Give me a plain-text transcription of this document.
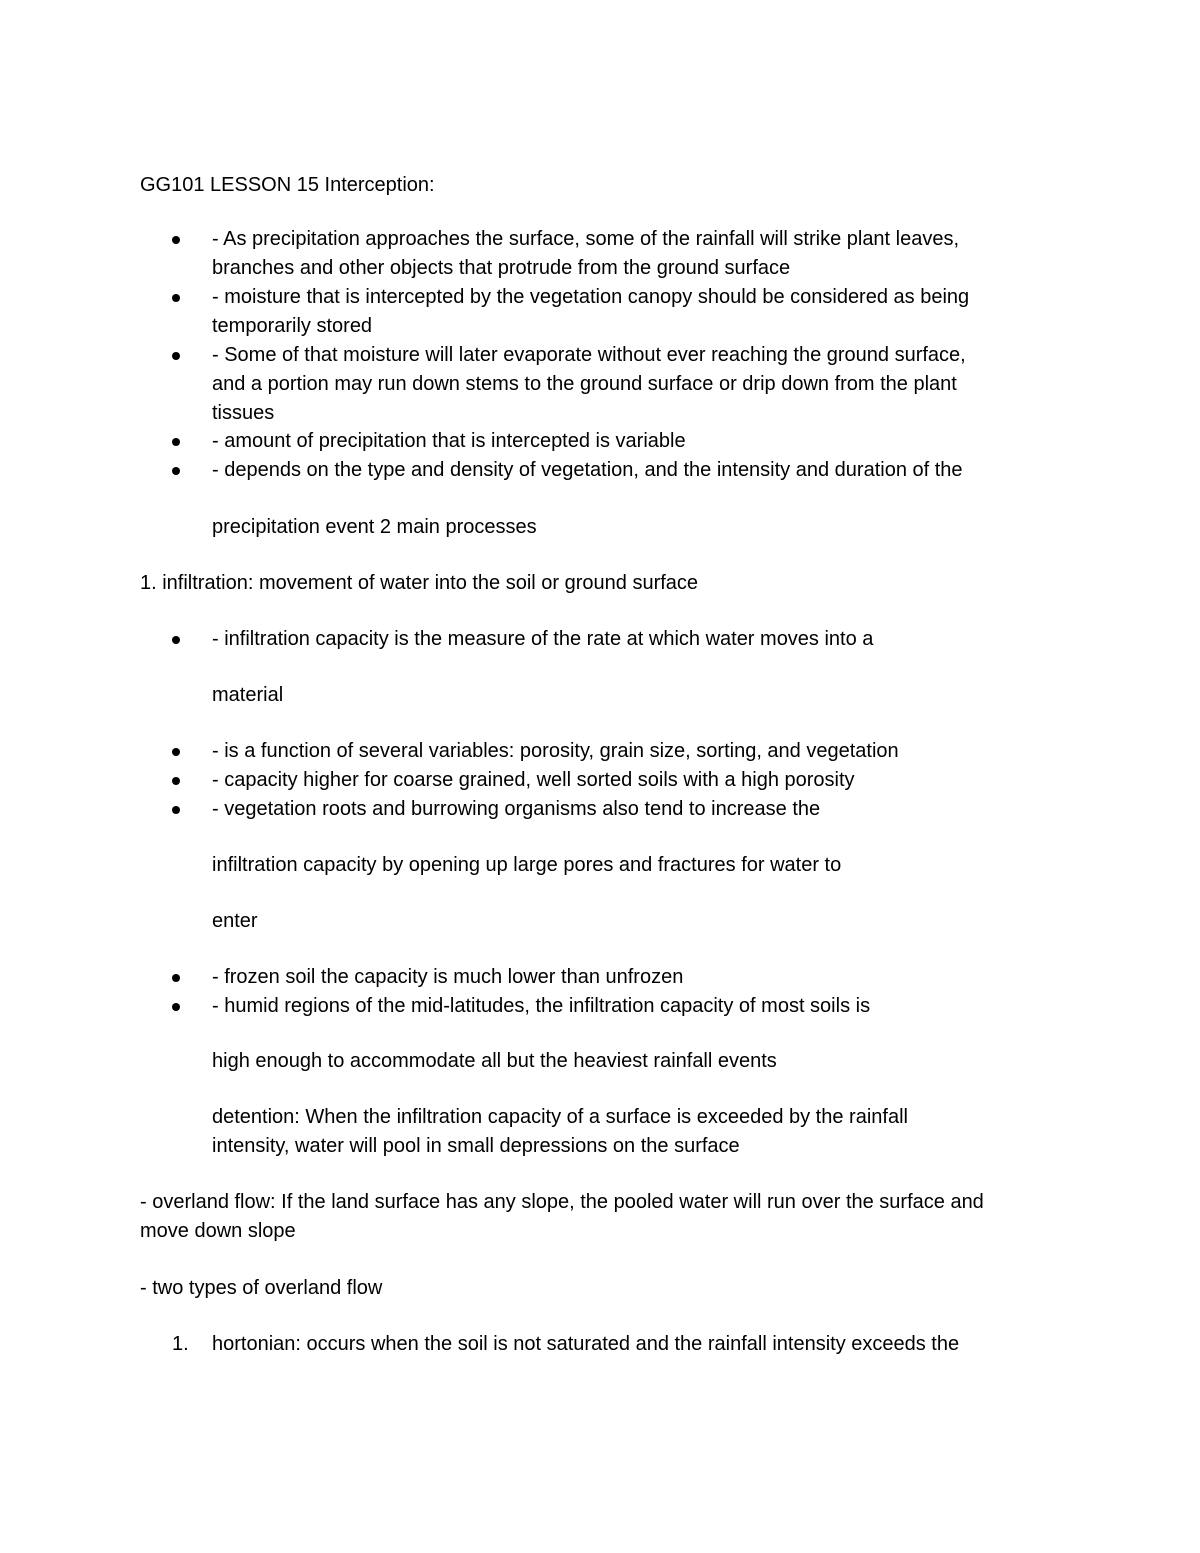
GG101 LESSON 15 Interception:
- As precipitation approaches the surface, some of the rainfall will strike plant leaves,
branches and other objects that protrude from the ground surface
- moisture that is intercepted by the vegetation canopy should be considered as being
temporarily stored
- Some of that moisture will later evaporate without ever reaching the ground surface,
and a portion may run down stems to the ground surface or drip down from the plant
tissues
- amount of precipitation that is intercepted is variable
- depends on the type and density of vegetation, and the intensity and duration of the
precipitation event 2 main processes
1. infiltration: movement of water into the soil or ground surface
- infiltration capacity is the measure of the rate at which water moves into a
material
- is a function of several variables: porosity, grain size, sorting, and vegetation
- capacity higher for coarse grained, well sorted soils with a high porosity
- vegetation roots and burrowing organisms also tend to increase the
infiltration capacity by opening up large pores and fractures for water to
enter
- frozen soil the capacity is much lower than unfrozen
- humid regions of the mid-latitudes, the infiltration capacity of most soils is
high enough to accommodate all but the heaviest rainfall events
detention: When the infiltration capacity of a surface is exceeded by the rainfall
intensity, water will pool in small depressions on the surface
- overland flow: If the land surface has any slope, the pooled water will run over the surface and
move down slope
- two types of overland flow
1. hortonian: occurs when the soil is not saturated and the rainfall intensity exceeds the
